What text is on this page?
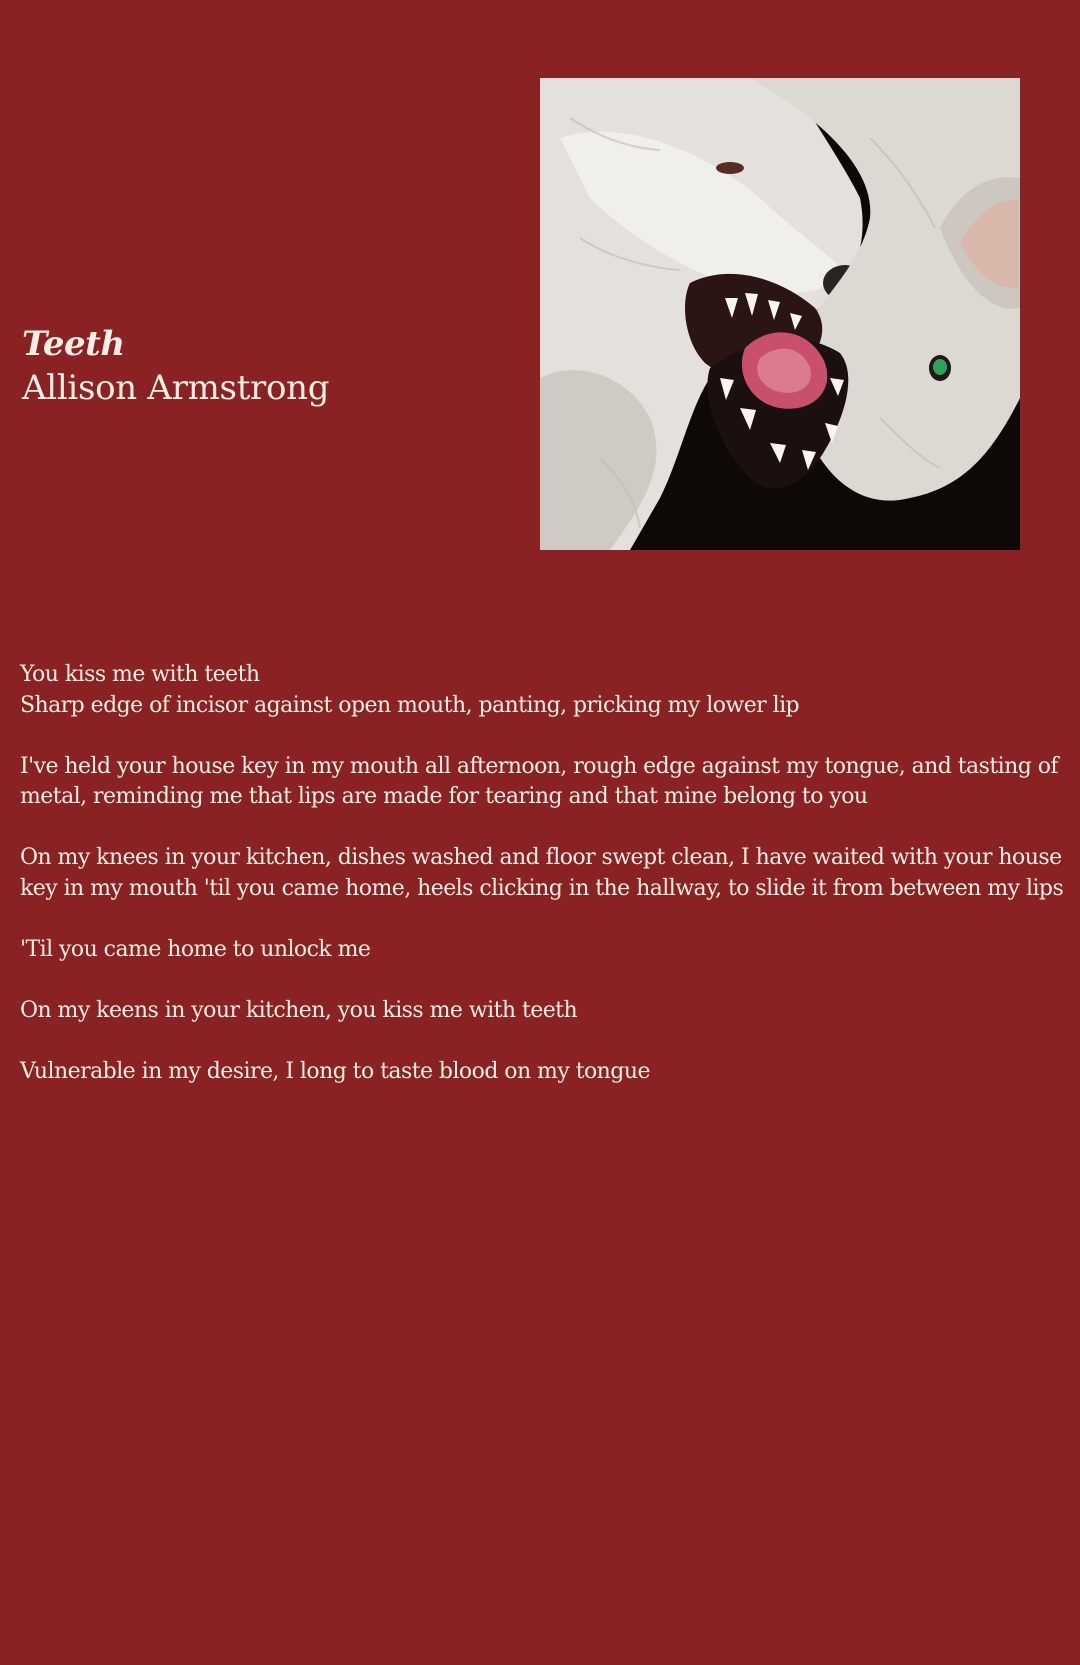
Teeth
Allison Armstrong
You kiss me with teeth
Sharp edge of incisor against open mouth, panting, pricking my lower lip
I've held your house key in my mouth all afternoon, rough edge against my tongue, and tasting of
metal, reminding me that lips are made for tearing and that mine belong to you
On my knees in your kitchen, dishes washed and floor swept clean, I have waited with your house
key in my mouth 'til you came home, heels clicking in the hallway, to slide it from between my lips
'Til you came home to unlock me
On my keens in your kitchen, you kiss me with teeth
Vulnerable in my desire, I long to taste blood on my tongue
